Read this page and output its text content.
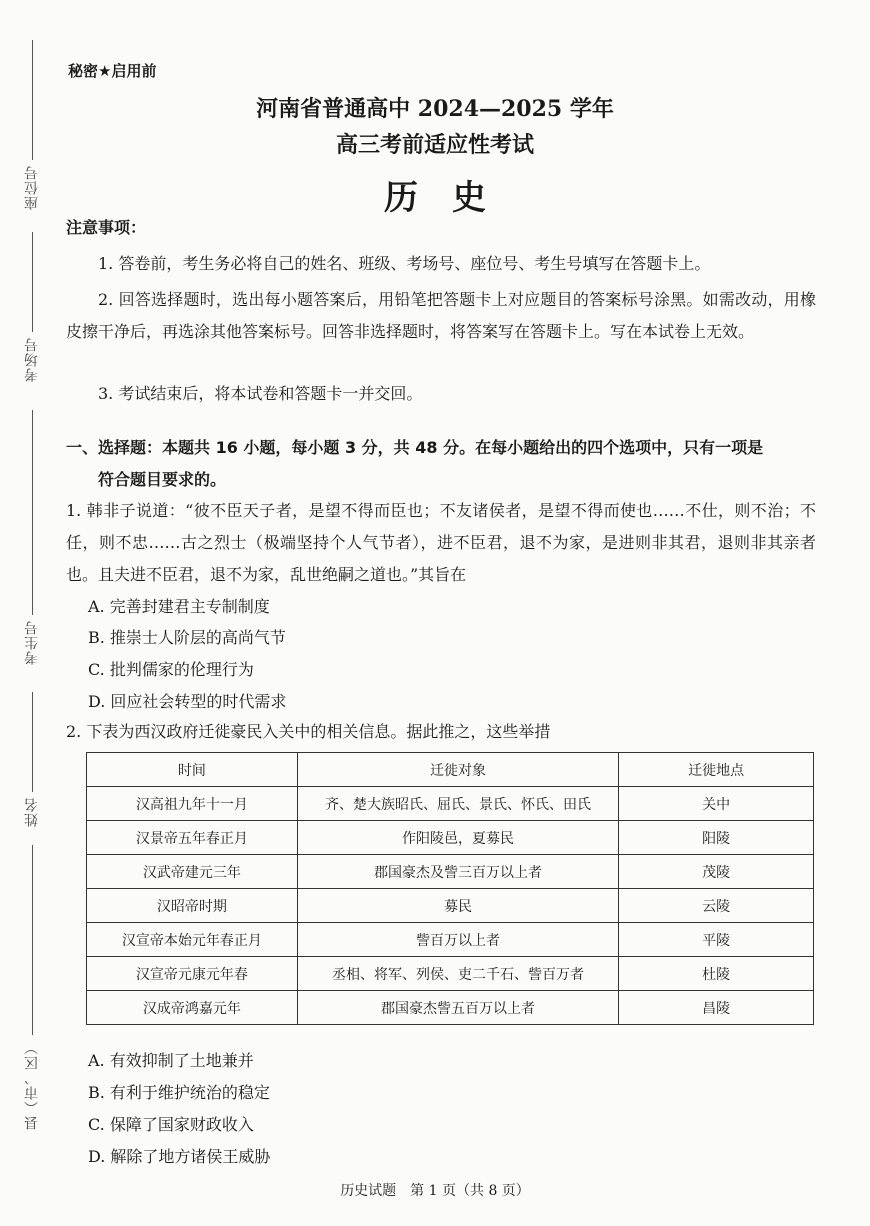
座位号
考场号
考生号
姓名
县（市、区）
秘密★启用前
河南省普通高中 2024—2025 学年
高三考前适应性考试
历史
注意事项：
1. 答卷前，考生务必将自己的姓名、班级、考场号、座位号、考生号填写在答题卡上。
2. 回答选择题时，选出每小题答案后，用铅笔把答题卡上对应题目的答案标号涂黑。如需改动，用橡皮擦干净后，再选涂其他答案标号。回答非选择题时，将答案写在答题卡上。写在本试卷上无效。
3. 考试结束后，将本试卷和答题卡一并交回。
一、选择题：本题共 16 小题，每小题 3 分，共 48 分。在每小题给出的四个选项中，只有一项是
符合题目要求的。
1. 韩非子说道：“彼不臣天子者，是望不得而臣也；不友诸侯者，是望不得而使也……不仕，则不治；不任，则不忠……古之烈士（极端坚持个人气节者），进不臣君，退不为家，是进则非其君，退则非其亲者也。且夫进不臣君，退不为家，乱世绝嗣之道也。”其旨在
A. 完善封建君主专制制度
B. 推崇士人阶层的高尚气节
C. 批判儒家的伦理行为
D. 回应社会转型的时代需求
2. 下表为西汉政府迁徙豪民入关中的相关信息。据此推之，这些举措
时间	迁徙对象	迁徙地点
汉高祖九年十一月	齐、楚大族昭氏、屈氏、景氏、怀氏、田氏	关中
汉景帝五年春正月	作阳陵邑，夏募民	阳陵
汉武帝建元三年	郡国豪杰及訾三百万以上者	茂陵
汉昭帝时期	募民	云陵
汉宣帝本始元年春正月	訾百万以上者	平陵
汉宣帝元康元年春	丞相、将军、列侯、吏二千石、訾百万者	杜陵
汉成帝鸿嘉元年	郡国豪杰訾五百万以上者	昌陵
A. 有效抑制了土地兼并
B. 有利于维护统治的稳定
C. 保障了国家财政收入
D. 解除了地方诸侯王威胁
历史试题　第 1 页（共 8 页）
